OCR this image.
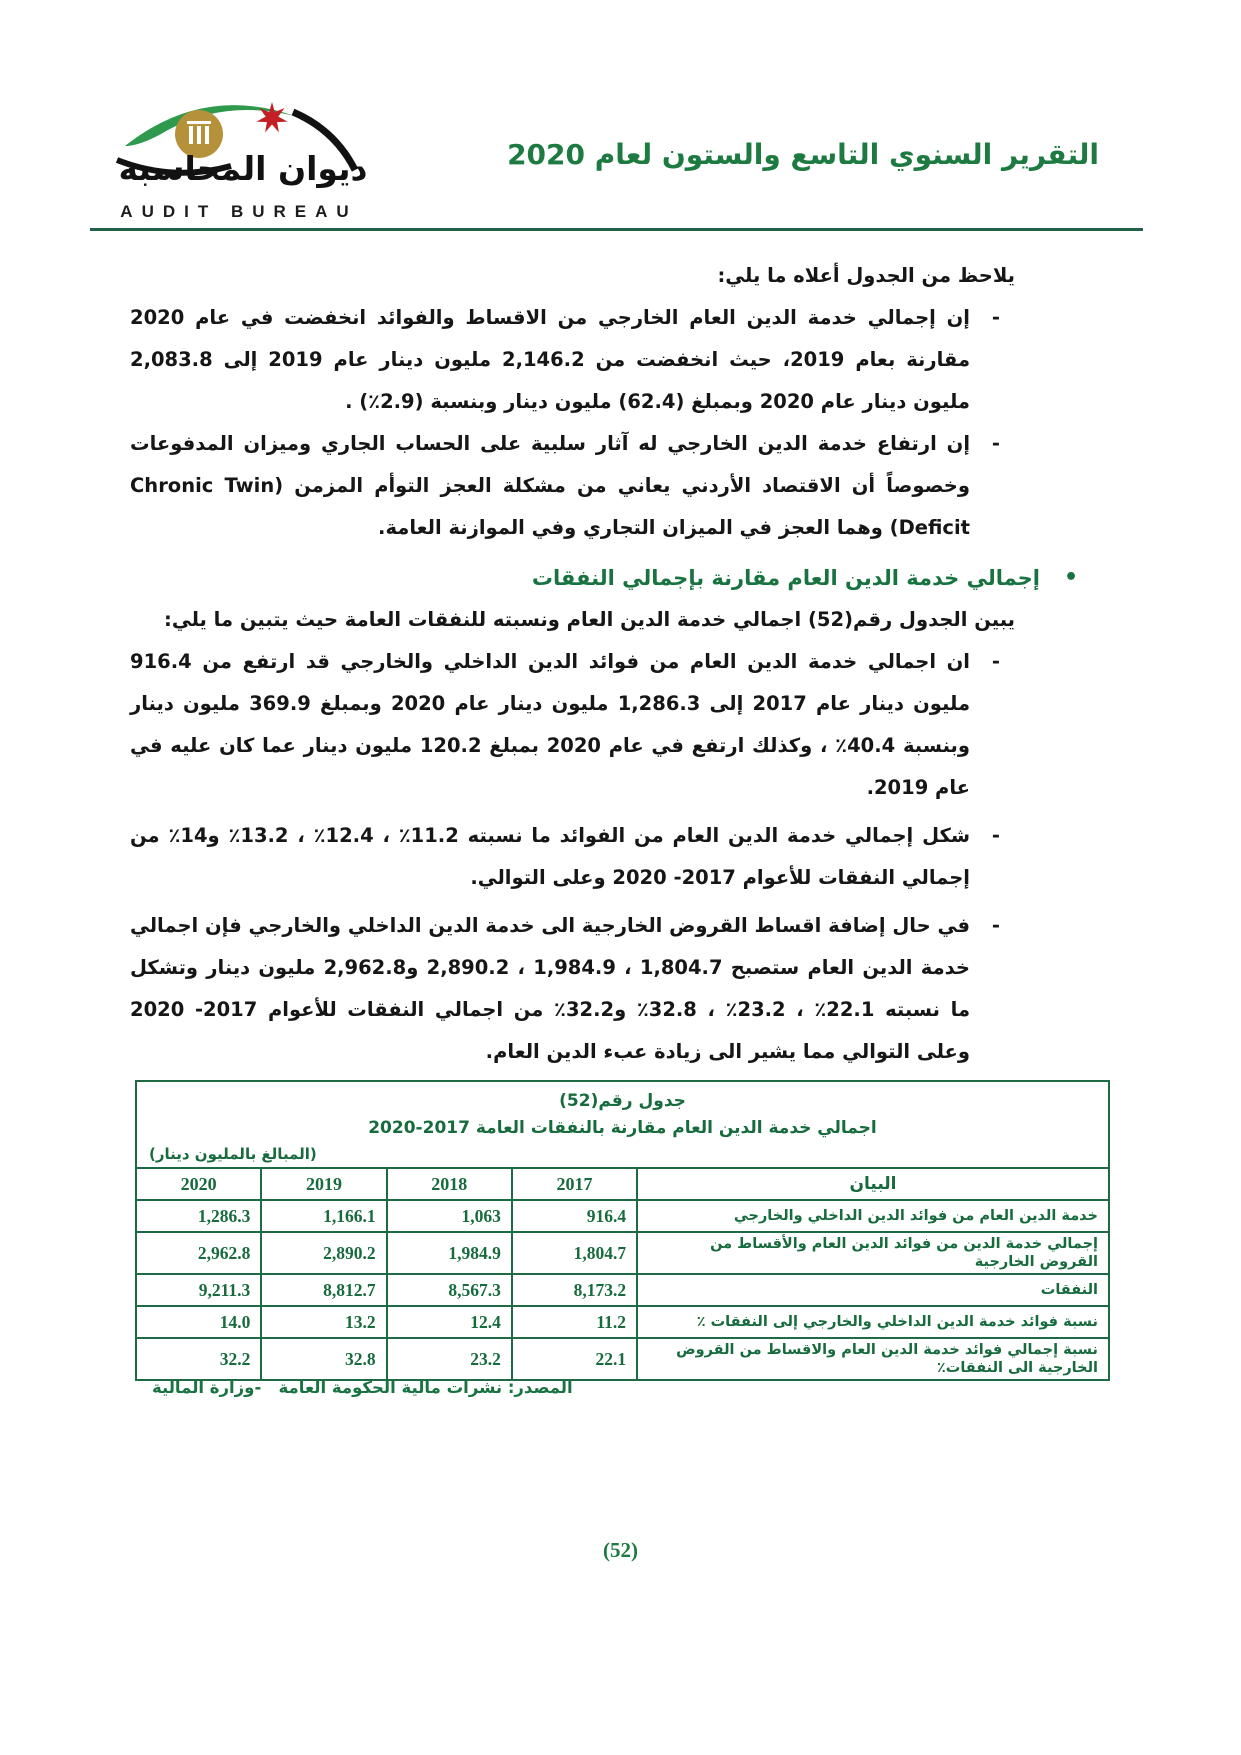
ديوان المحاسبة
AUDIT BUREAU
التقرير السنوي التاسع والستون لعام 2020
يلاحظ من الجدول أعلاه ما يلي:
-
إن إجمالي خدمة الدين العام الخارجي من الاقساط والفوائد انخفضت في عام 2020 مقارنة بعام 2019، حيث انخفضت من 2,146.2 مليون دينار عام 2019 إلى 2,083.8 مليون دينار عام 2020 وبمبلغ (62.4) مليون دينار وبنسبة (2.9٪) .
-
إن ارتفاع خدمة الدين الخارجي له آثار سلبية على الحساب الجاري وميزان المدفوعات وخصوصاً أن الاقتصاد الأردني يعاني من مشكلة العجز التوأم المزمن (Chronic Twin Deficit) وهما العجز في الميزان التجاري وفي الموازنة العامة.
•
إجمالي خدمة الدين العام مقارنة بإجمالي النفقات
يبين الجدول رقم(52) اجمالي خدمة الدين العام ونسبته للنفقات العامة حيث يتبين ما يلي:
-
ان اجمالي خدمة الدين العام من فوائد الدين الداخلي والخارجي قد ارتفع من 916.4 مليون دينار عام 2017 إلى 1,286.3 مليون دينار عام 2020 وبمبلغ 369.9 مليون دينار وبنسبة 40.4٪ ، وكذلك ارتفع في عام 2020 بمبلغ 120.2 مليون دينار عما كان عليه في عام 2019.
-
شكل إجمالي خدمة الدين العام من الفوائد ما نسبته 11.2٪ ، 12.4٪ ، 13.2٪ و14٪ من إجمالي النفقات للأعوام 2017- 2020 وعلى التوالي.
-
في حال إضافة اقساط القروض الخارجية الى خدمة الدين الداخلي والخارجي فإن اجمالي خدمة الدين العام ستصبح 1,804.7 ، 1,984.9 ، 2,890.2 و2,962.8 مليون دينار وتشكل ما نسبته 22.1٪ ، 23.2٪ ، 32.8٪ و32.2٪ من اجمالي النفقات للأعوام 2017- 2020 وعلى التوالي مما يشير الى زيادة عبء الدين العام.
جدول رقم(52)
اجمالي خدمة الدين العام مقارنة بالنفقات العامة 2017-2020
(المبالغ بالمليون دينار)
البيان	2017	2018	2019	2020
خدمة الدين العام من فوائد الدين الداخلي والخارجي	916.4	1,063	1,166.1	1,286.3
إجمالي خدمة الدين من فوائد الدين العام والأقساط من القروض الخارجية	1,804.7	1,984.9	2,890.2	2,962.8
النفقات	8,173.2	8,567.3	8,812.7	9,211.3
نسبة فوائد خدمة الدين الداخلي والخارجي إلى النفقات ٪	11.2	12.4	13.2	14.0
نسبة إجمالي فوائد خدمة الدين العام والاقساط من القروض الخارجية الى النفقات٪	22.1	23.2	32.8	32.2
المصدر: نشرات مالية الحكومة العامة   -وزارة المالية
(52)
